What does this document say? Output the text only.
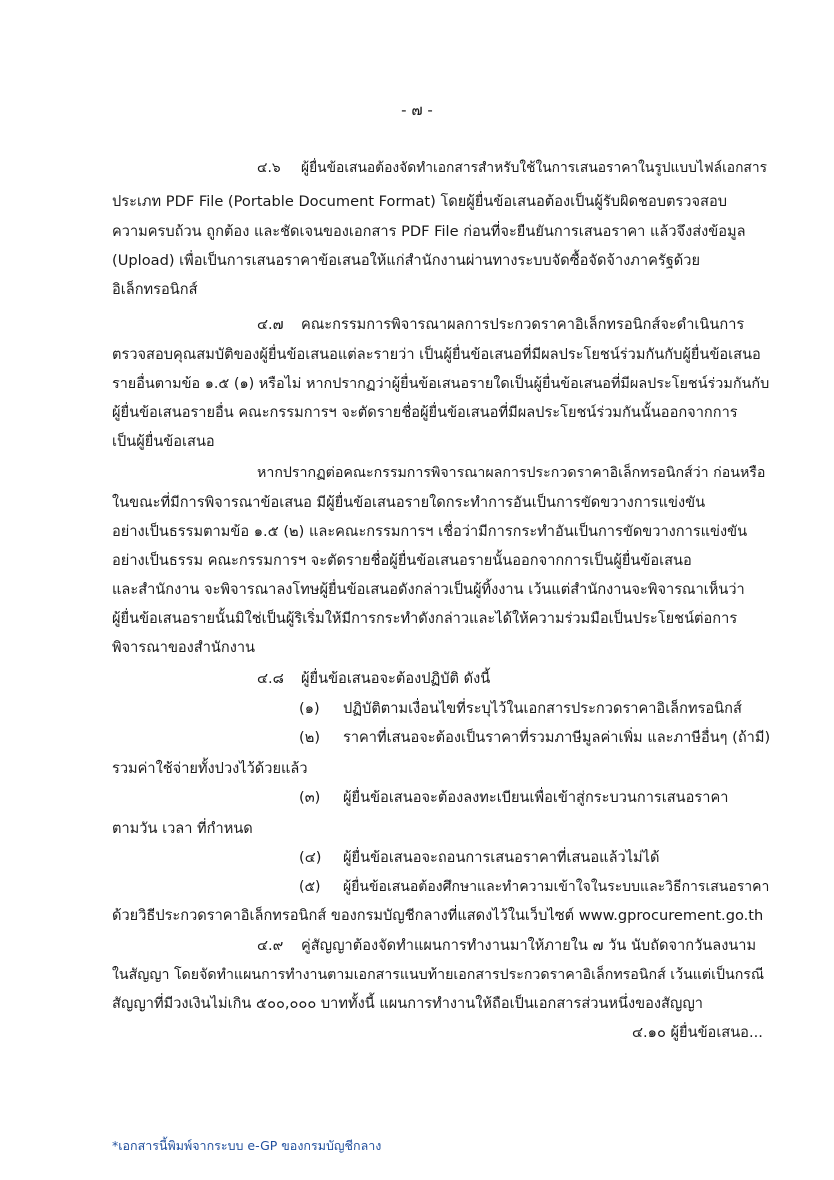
- ๗ -
๔.๖ ผู้ยื่นข้อเสนอต้องจัดทำเอกสารสำหรับใช้ในการเสนอราคาในรูปแบบไฟล์เอกสาร
ประเภท PDF File (Portable Document Format) โดยผู้ยื่นข้อเสนอต้องเป็นผู้รับผิดชอบตรวจสอบ
ความครบถ้วน ถูกต้อง และชัดเจนของเอกสาร PDF File ก่อนที่จะยืนยันการเสนอราคา แล้วจึงส่งข้อมูล
(Upload) เพื่อเป็นการเสนอราคาข้อเสนอให้แก่สำนักงานผ่านทางระบบจัดซื้อจัดจ้างภาครัฐด้วย
อิเล็กทรอนิกส์
๔.๗ คณะกรรมการพิจารณาผลการประกวดราคาอิเล็กทรอนิกส์จะดำเนินการ
ตรวจสอบคุณสมบัติของผู้ยื่นข้อเสนอแต่ละรายว่า เป็นผู้ยื่นข้อเสนอที่มีผลประโยชน์ร่วมกันกับผู้ยื่นข้อเสนอ
รายอื่นตามข้อ ๑.๕ (๑) หรือไม่ หากปรากฏว่าผู้ยื่นข้อเสนอรายใดเป็นผู้ยื่นข้อเสนอที่มีผลประโยชน์ร่วมกันกับ
ผู้ยื่นข้อเสนอรายอื่น คณะกรรมการฯ จะตัดรายชื่อผู้ยื่นข้อเสนอที่มีผลประโยชน์ร่วมกันนั้นออกจากการ
เป็นผู้ยื่นข้อเสนอ
หากปรากฏต่อคณะกรรมการพิจารณาผลการประกวดราคาอิเล็กทรอนิกส์ว่า ก่อนหรือ
ในขณะที่มีการพิจารณาข้อเสนอ มีผู้ยื่นข้อเสนอรายใดกระทำการอันเป็นการขัดขวางการแข่งขัน
อย่างเป็นธรรมตามข้อ ๑.๕ (๒) และคณะกรรมการฯ เชื่อว่ามีการกระทำอันเป็นการขัดขวางการแข่งขัน
อย่างเป็นธรรม คณะกรรมการฯ จะตัดรายชื่อผู้ยื่นข้อเสนอรายนั้นออกจากการเป็นผู้ยื่นข้อเสนอ
และสำนักงาน จะพิจารณาลงโทษผู้ยื่นข้อเสนอดังกล่าวเป็นผู้ทิ้งงาน เว้นแต่สำนักงานจะพิจารณาเห็นว่า
ผู้ยื่นข้อเสนอรายนั้นมิใช่เป็นผู้ริเริ่มให้มีการกระทำดังกล่าวและได้ให้ความร่วมมือเป็นประโยชน์ต่อการ
พิจารณาของสำนักงาน
๔.๘ ผู้ยื่นข้อเสนอจะต้องปฏิบัติ ดังนี้
(๑) ปฏิบัติตามเงื่อนไขที่ระบุไว้ในเอกสารประกวดราคาอิเล็กทรอนิกส์
(๒) ราคาที่เสนอจะต้องเป็นราคาที่รวมภาษีมูลค่าเพิ่ม และภาษีอื่นๆ (ถ้ามี)
รวมค่าใช้จ่ายทั้งปวงไว้ด้วยแล้ว
(๓) ผู้ยื่นข้อเสนอจะต้องลงทะเบียนเพื่อเข้าสู่กระบวนการเสนอราคา
ตามวัน เวลา ที่กำหนด
(๔) ผู้ยื่นข้อเสนอจะถอนการเสนอราคาที่เสนอแล้วไม่ได้
(๕) ผู้ยื่นข้อเสนอต้องศึกษาและทำความเข้าใจในระบบและวิธีการเสนอราคา
ด้วยวิธีประกวดราคาอิเล็กทรอนิกส์ ของกรมบัญชีกลางที่แสดงไว้ในเว็บไซต์ www.gprocurement.go.th
๔.๙ คู่สัญญาต้องจัดทำแผนการทำงานมาให้ภายใน ๗ วัน นับถัดจากวันลงนาม
ในสัญญา โดยจัดทำแผนการทำงานตามเอกสารแนบท้ายเอกสารประกวดราคาอิเล็กทรอนิกส์ เว้นแต่เป็นกรณี
สัญญาที่มีวงเงินไม่เกิน ๕๐๐,๐๐๐ บาททั้งนี้ แผนการทำงานให้ถือเป็นเอกสารส่วนหนึ่งของสัญญา
๔.๑๐ ผู้ยื่นข้อเสนอ...
*เอกสารนี้พิมพ์จากระบบ e-GP ของกรมบัญชีกลาง
